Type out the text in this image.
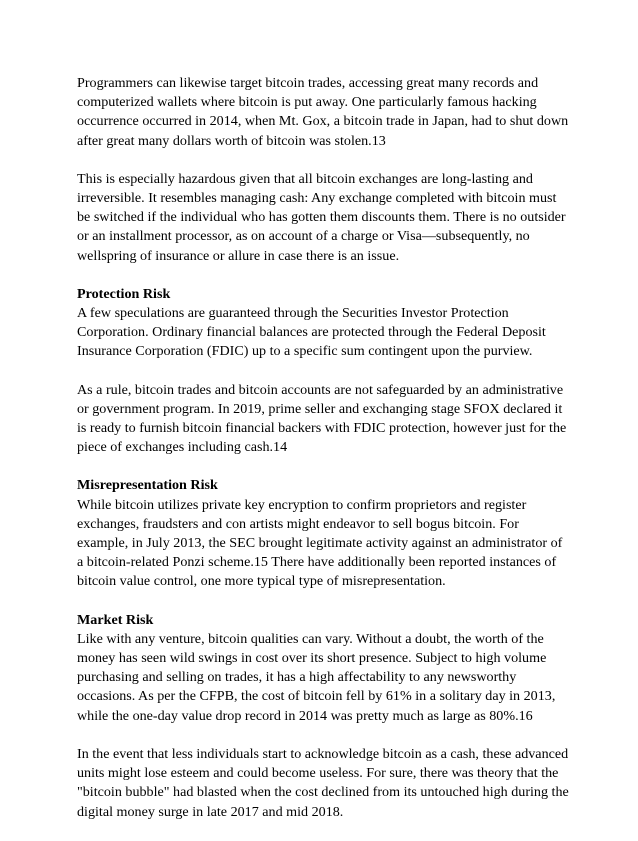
Programmers can likewise target bitcoin trades, accessing great many records and computerized wallets where bitcoin is put away. One particularly famous hacking occurrence occurred in 2014, when Mt. Gox, a bitcoin trade in Japan, had to shut down after great many dollars worth of bitcoin was stolen.13

This is especially hazardous given that all bitcoin exchanges are long-lasting and irreversible. It resembles managing cash: Any exchange completed with bitcoin must be switched if the individual who has gotten them discounts them. There is no outsider or an installment processor, as on account of a charge or Visa—subsequently, no wellspring of insurance or allure in case there is an issue.

Protection Risk

A few speculations are guaranteed through the Securities Investor Protection Corporation. Ordinary financial balances are protected through the Federal Deposit Insurance Corporation (FDIC) up to a specific sum contingent upon the purview.

As a rule, bitcoin trades and bitcoin accounts are not safeguarded by an administrative or government program. In 2019, prime seller and exchanging stage SFOX declared it is ready to furnish bitcoin financial backers with FDIC protection, however just for the piece of exchanges including cash.14

Misrepresentation Risk

While bitcoin utilizes private key encryption to confirm proprietors and register exchanges, fraudsters and con artists might endeavor to sell bogus bitcoin. For example, in July 2013, the SEC brought legitimate activity against an administrator of a bitcoin-related Ponzi scheme.15 There have additionally been reported instances of bitcoin value control, one more typical type of misrepresentation.

Market Risk

Like with any venture, bitcoin qualities can vary. Without a doubt, the worth of the money has seen wild swings in cost over its short presence. Subject to high volume purchasing and selling on trades, it has a high affectability to any newsworthy occasions. As per the CFPB, the cost of bitcoin fell by 61% in a solitary day in 2013, while the one-day value drop record in 2014 was pretty much as large as 80%.16

In the event that less individuals start to acknowledge bitcoin as a cash, these advanced units might lose esteem and could become useless. For sure, there was theory that the "bitcoin bubble" had blasted when the cost declined from its untouched high during the digital money surge in late 2017 and mid 2018.
